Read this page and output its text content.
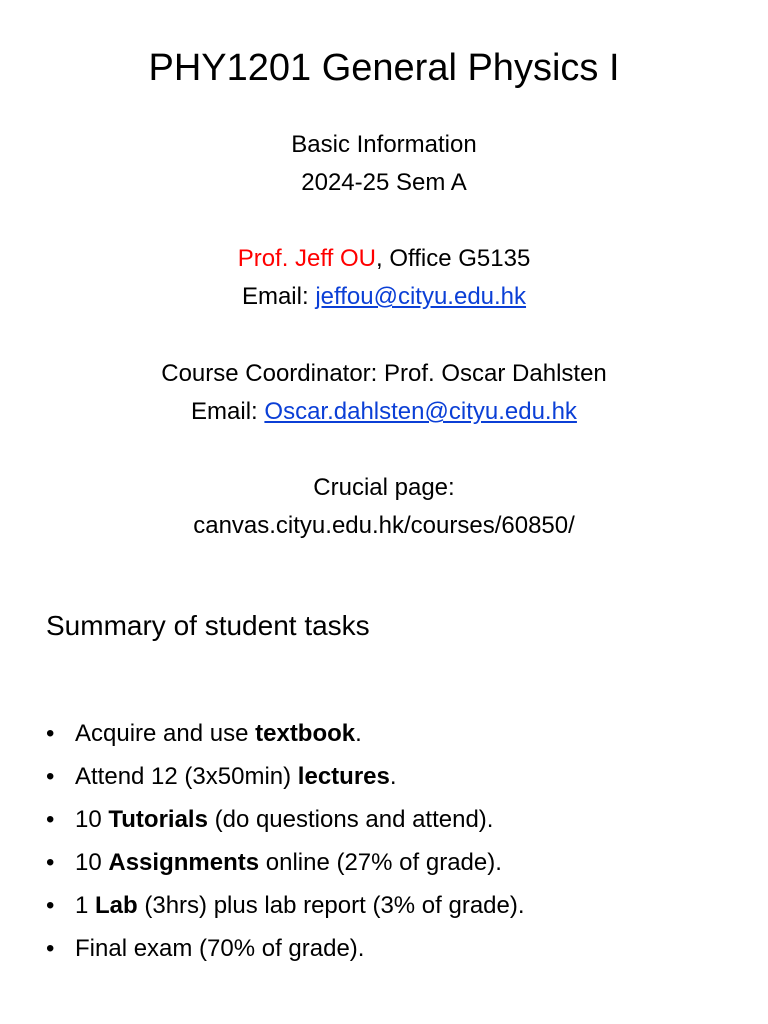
PHY1201 General Physics I
Basic Information
2024-25 Sem A
Prof. Jeff OU, Office G5135
Email: jeffou@cityu.edu.hk
Course Coordinator: Prof. Oscar Dahlsten
Email: Oscar.dahlsten@cityu.edu.hk
Crucial page:
canvas.cityu.edu.hk/courses/60850/
Summary of student tasks
• Acquire and use textbook.
• Attend 12 (3x50min) lectures.
• 10 Tutorials (do questions and attend).
• 10 Assignments online (27% of grade).
• 1 Lab (3hrs) plus lab report (3% of grade).
• Final exam (70% of grade).
